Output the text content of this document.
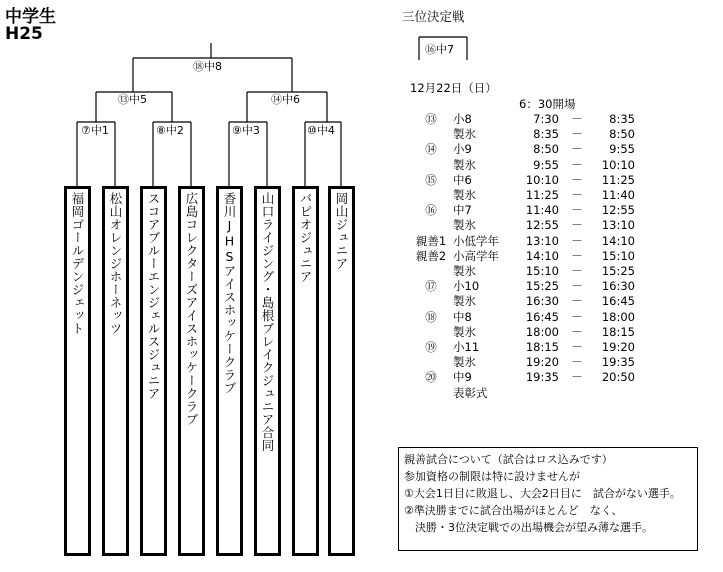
中学生
H25
⑱中8
⑬中5	⑭中6
⑦中1	⑧中2	⑨中3	⑩中4
福岡ゴールデンジェット 松山オレンジホーネッツ スコアブルーエンジェルスジュニア 広島コレクターズアイスホッケークラブ 香川JHSアイスホッケークラブ 山口ライジング・島根ブレイクジュニア合同 バピオジュニア 岡山ジュニア
三位決定戦
⑯中7
12月22日（日）
6：30開場
⑬	小8	7:30	－	8:35
	製氷	8:35	－	8:50
⑭	小9	8:50	－	9:55
	製氷	9:55	－	10:10
⑮	中6	10:10	－	11:25
	製氷	11:25	－	11:40
⑯	中7	11:40	－	12:55
	製氷	12:55	－	13:10
親善1	小低学年	13:10	－	14:10
親善2	小高学年	14:10	－	15:10
	製氷	15:10	－	15:25
⑰	小10	15:25	－	16:30
	製氷	16:30	－	16:45
⑱	中8	16:45	－	18:00
	製氷	18:00	－	18:15
⑲	小11	18:15	－	19:20
	製氷	19:20	－	19:35
⑳	中9	19:35	－	20:50
	表彰式			
親善試合について（試合はロス込みです）
参加資格の制限は特に設けませんが
①大会1日目に敗退し、大会2日目に　試合がない選手。
②準決勝までに試合出場がほとんど　なく、
　決勝・3位決定戦での出場機会が望み薄な選手。
